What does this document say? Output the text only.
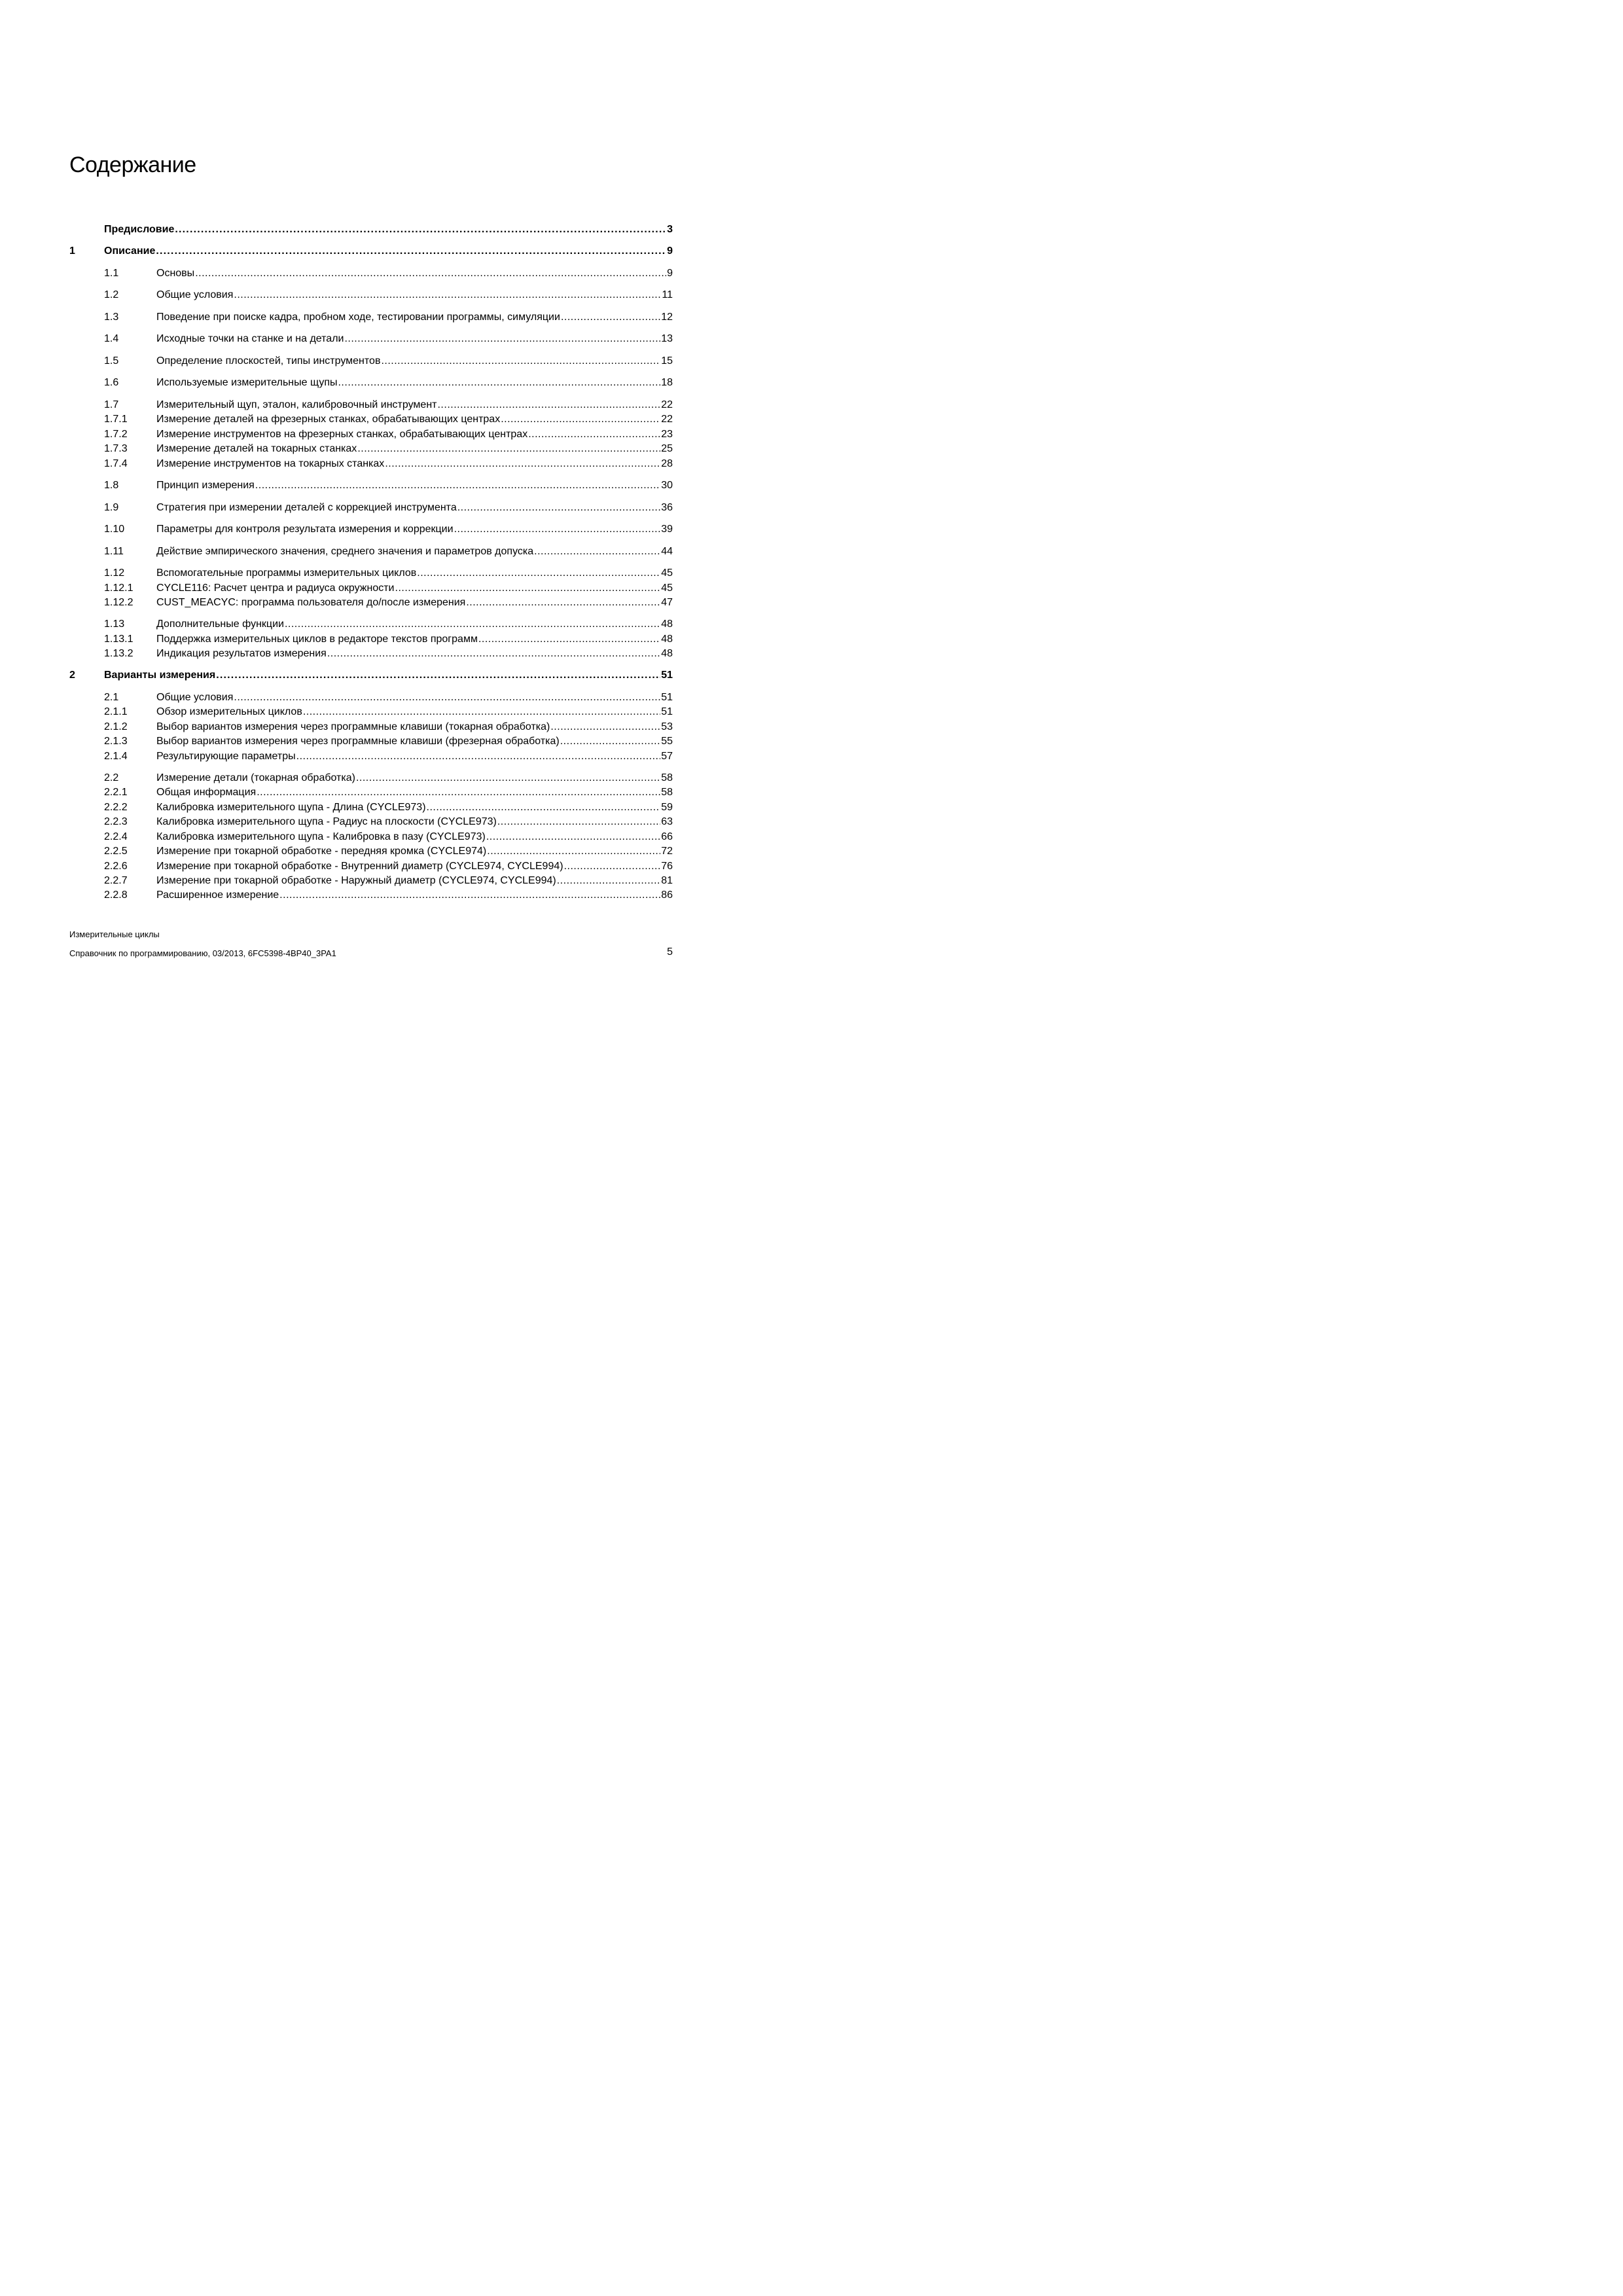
Содержание
Предисловие .....	3
1	Описание .....	9
1.1	Основы .....	9
1.2	Общие условия .....	11
1.3	Поведение при поиске кадра, пробном ходе, тестировании программы, симуляции .....	12
1.4	Исходные точки на станке и на детали .....	13
1.5	Определение плоскостей, типы инструментов .....	15
1.6	Используемые измерительные щупы .....	18
1.7	Измерительный щуп, эталон, калибровочный инструмент .....	22
1.7.1	Измерение деталей на фрезерных станках, обрабатывающих центрах .....	22
1.7.2	Измерение инструментов на фрезерных станках, обрабатывающих центрах .....	23
1.7.3	Измерение деталей на токарных станках .....	25
1.7.4	Измерение инструментов на токарных станках .....	28
1.8	Принцип измерения .....	30
1.9	Стратегия при измерении деталей с коррекцией инструмента .....	36
1.10	Параметры для контроля результата измерения и коррекции .....	39
1.11	Действие эмпирического значения, среднего значения и параметров допуска .....	44
1.12	Вспомогательные программы измерительных циклов .....	45
1.12.1 CYCLE116: Расчет центра и радиуса окружности .....	45
1.12.2 CUST_MEACYC: программа пользователя до/после измерения .....	47
1.13	Дополнительные функции .....	48
1.13.1 Поддержка измерительных циклов в редакторе текстов программ .....	48
1.13.2 Индикация результатов измерения .....	48
2	Варианты измерения .....	51
2.1	Общие условия .....	51
2.1.1	Обзор измерительных циклов .....	51
2.1.2	Выбор вариантов измерения через программные клавиши (токарная обработка) .....	53
2.1.3	Выбор вариантов измерения через программные клавиши (фрезерная обработка) .....	55
2.1.4	Результирующие параметры .....	57
2.2	Измерение детали (токарная обработка) .....	58
2.2.1	Общая информация .....	58
2.2.2	Калибровка измерительного щупа - Длина (CYCLE973) .....	59
2.2.3	Калибровка измерительного щупа - Радиус на плоскости (CYCLE973) .....	63
2.2.4	Калибровка измерительного щупа - Калибровка в пазу (CYCLE973) .....	66
2.2.5	Измерение при токарной обработке - передняя кромка (CYCLE974) .....	72
2.2.6	Измерение при токарной обработке - Внутренний диаметр (CYCLE974, CYCLE994) .....	76
2.2.7	Измерение при токарной обработке - Наружный диаметр (CYCLE974, CYCLE994) .....	81
2.2.8	Расширенное измерение .....	86
Измерительные циклы
Справочник по программированию, 03/2013, 6FC5398-4BP40_3PA1	5
